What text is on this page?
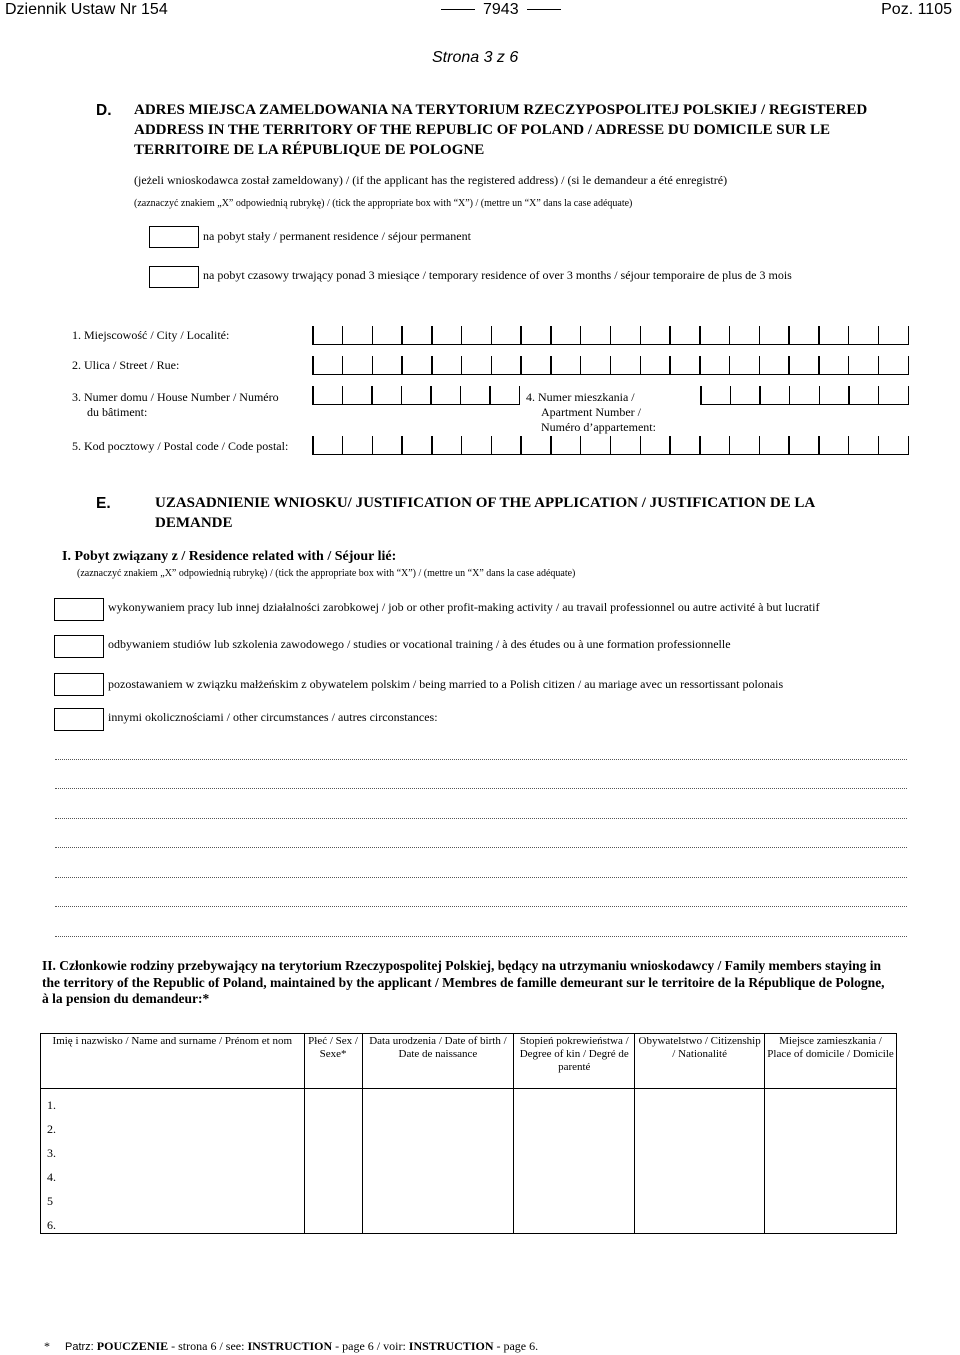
Dziennik Ustaw Nr 154	7943	Poz. 1105
Strona 3 z 6
D. ADRES MIEJSCA ZAMELDOWANIA NA TERYTORIUM RZECZYPOSPOLITEJ POLSKIEJ / REGISTERED ADDRESS IN THE TERRITORY OF THE REPUBLIC OF POLAND / ADRESSE DU DOMICILE SUR LE TERRITOIRE DE LA RÉPUBLIQUE DE POLOGNE
(jeżeli wnioskodawca został zameldowany) / (if the applicant has the registered address) / (si le demandeur a été enregistré)
(zaznaczyć znakiem „X” odpowiednią rubrykę) / (tick the appropriate box with “X”) / (mettre un “X” dans la case adéquate)
na pobyt stały / permanent residence / séjour permanent
na pobyt czasowy trwający ponad 3 miesiące / temporary residence of over 3 months / séjour temporaire de plus de 3 mois
1. Miejscowość / City / Localité:
2. Ulica / Street / Rue:
3. Numer domu / House Number / Numéro
du bâtiment:
4. Numer mieszkania /
Apartment Number /
Numéro d’appartement:
5. Kod pocztowy / Postal code / Code postal:
E.	UZASADNIENIE WNIOSKU/ JUSTIFICATION OF THE APPLICATION / JUSTIFICATION DE LA DEMANDE
I. Pobyt związany z / Residence related with / Séjour lié:
(zaznaczyć znakiem „X” odpowiednią rubrykę) / (tick the appropriate box with “X”) / (mettre un “X” dans la case adéquate)
wykonywaniem pracy lub innej działalności zarobkowej / job or other profit-making activity / au travail professionnel ou autre activité à but lucratif
odbywaniem studiów lub szkolenia zawodowego / studies or vocational training / à des études ou à une formation professionnelle
pozostawaniem w związku małżeńskim z obywatelem polskim / being married to a Polish citizen / au mariage avec un ressortissant polonais
innymi okolicznościami / other circumstances / autres circonstances:
II. Członkowie rodziny przebywający na terytorium Rzeczypospolitej Polskiej, będący na utrzymaniu wnioskodawcy / Family members staying in the territory of the Republic of Poland, maintained by the applicant / Membres de famille demeurant sur le territoire de la République de Pologne, à la pension du demandeur:*
Imię i nazwisko / Name and surname / Prénom et nom	Płeć / Sex / Sexe*	Data urodzenia / Date of birth / Date de naissance	Stopień pokrewieństwa / Degree of kin / Degré de parenté	Obywatelstwo / Citizenship / Nationalité	Miejsce zamieszkania / Place of domicile / Domicile
1.					
2.					
3.					
4.					
5					
6.					
* Patrz: POUCZENIE - strona 6 / see: INSTRUCTION - page 6 / voir: INSTRUCTION - page 6.
